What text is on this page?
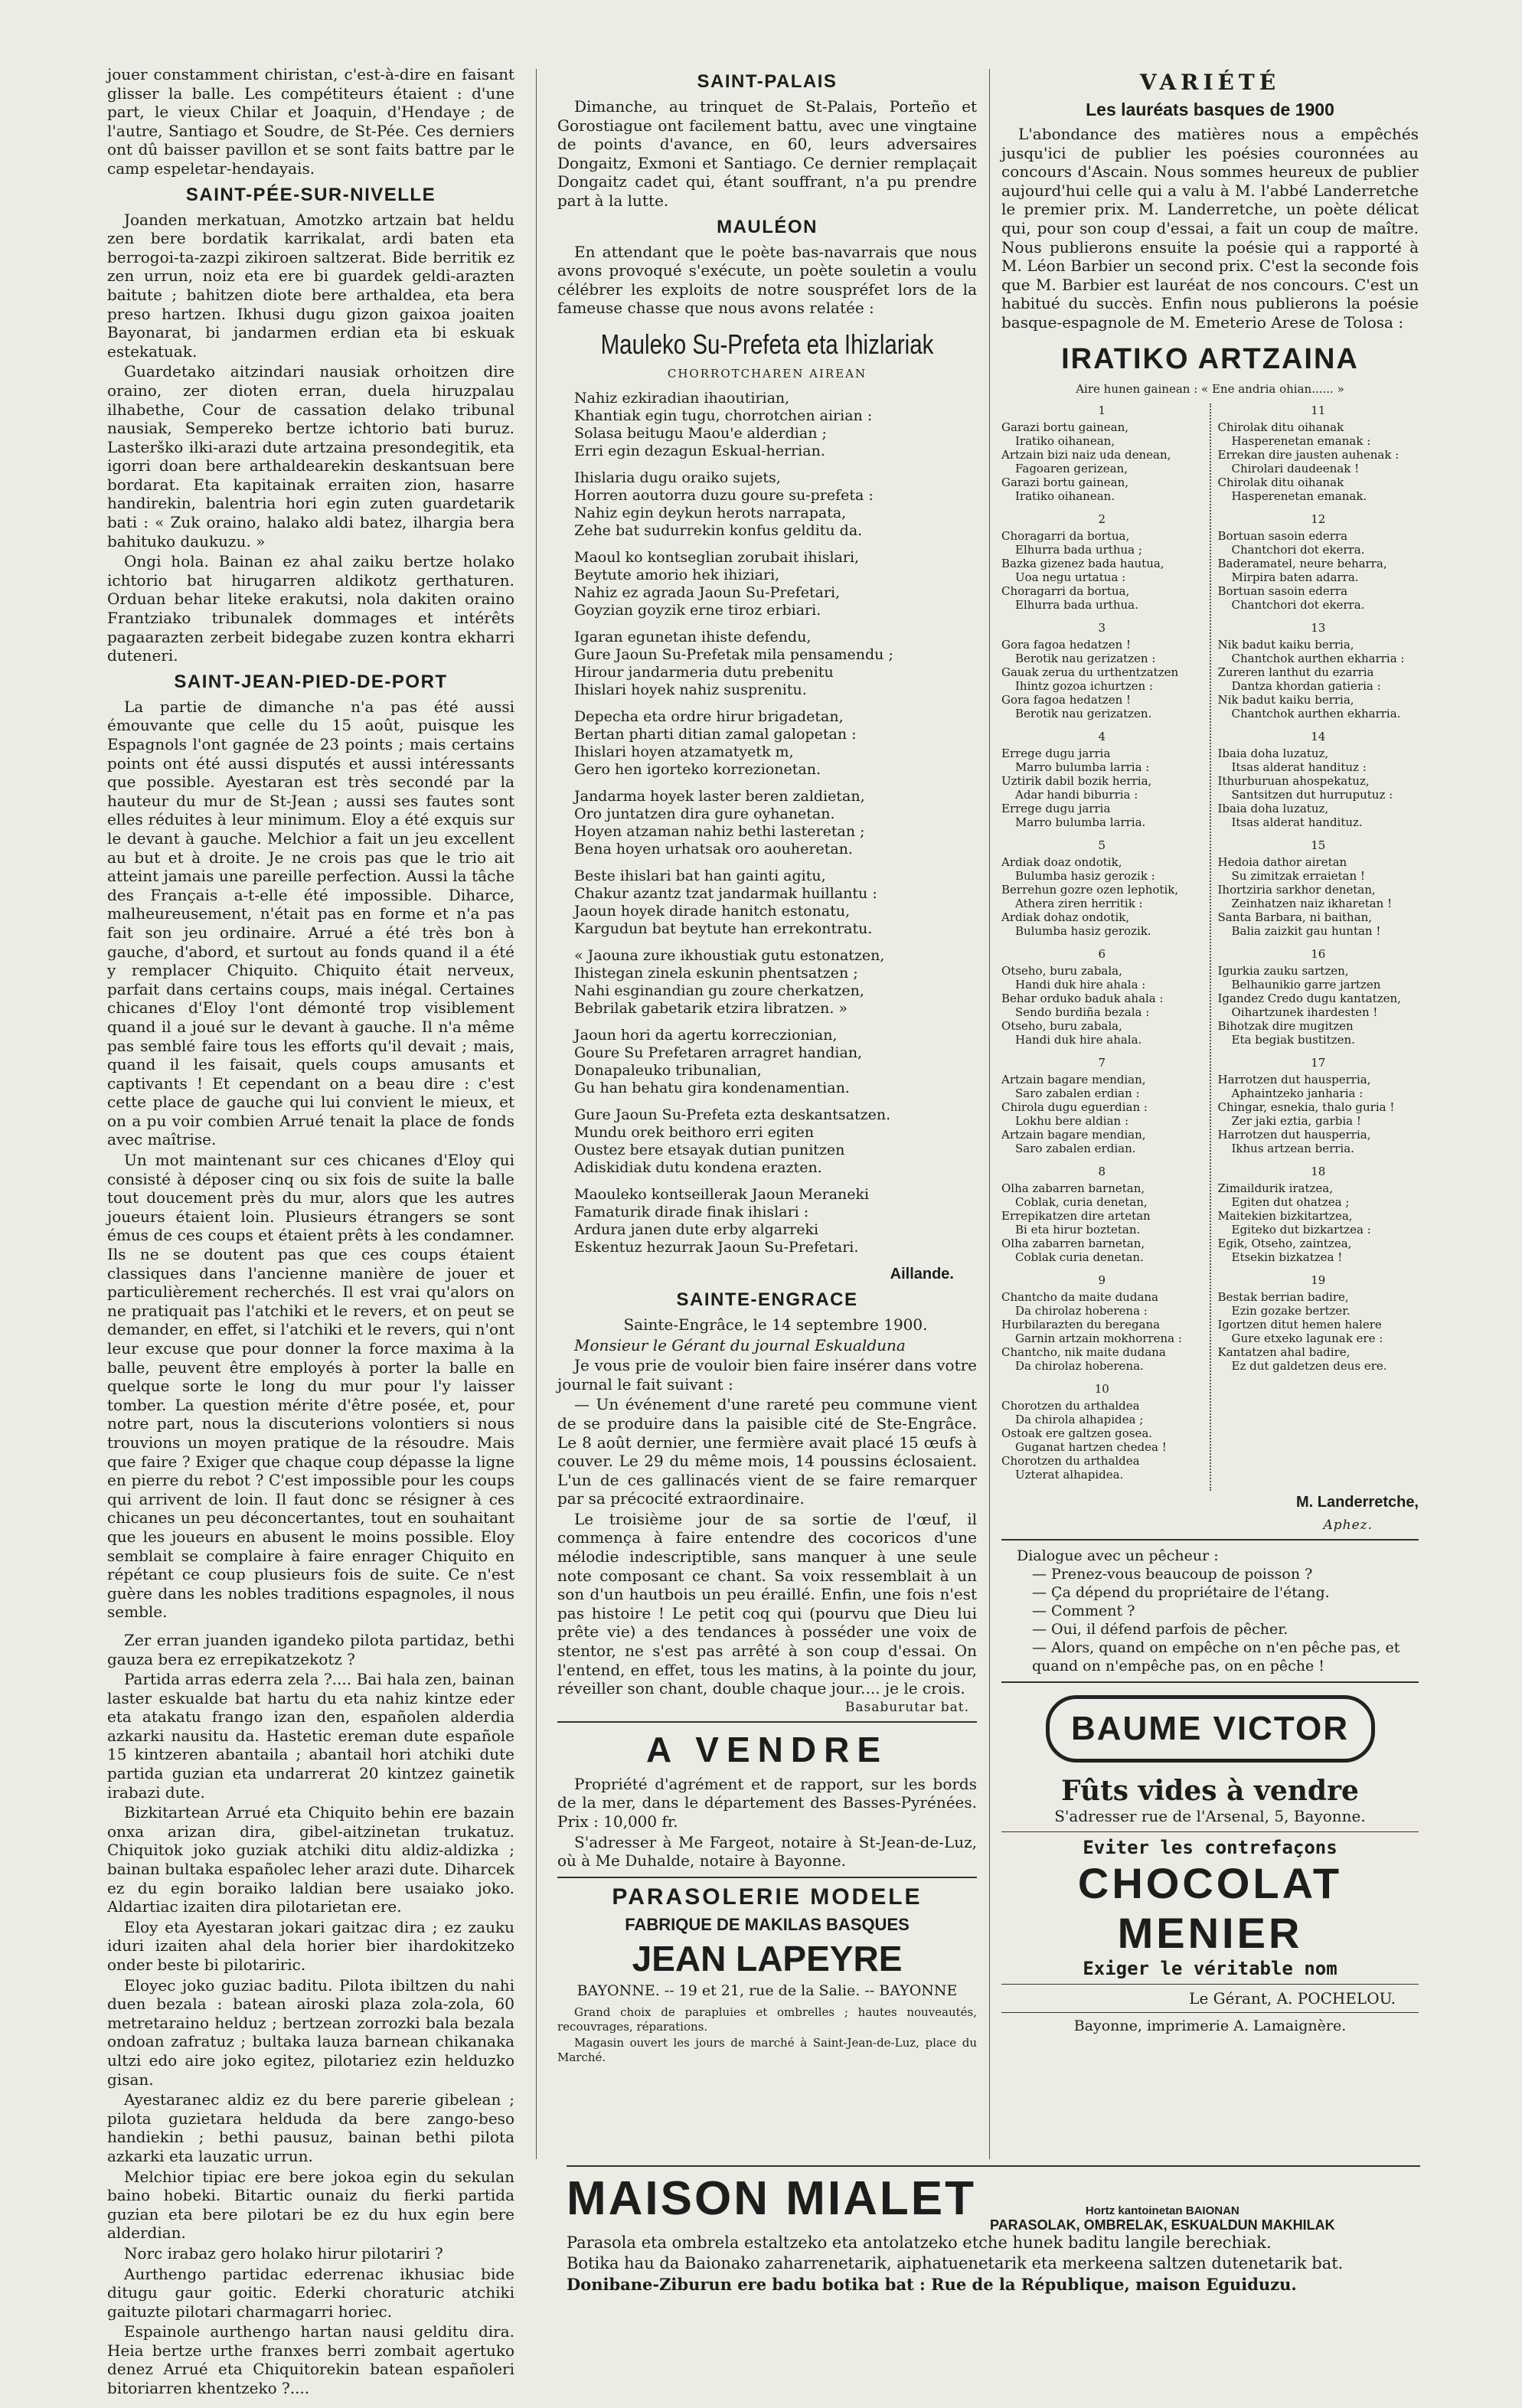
jouer constamment chiristan, c'est-à-dire en faisant glisser la balle. Les compétiteurs étaient : d'une part, le vieux Chilar et Joaquin, d'Hendaye ; de l'autre, Santiago et Soudre, de St-Pée. Ces derniers ont dû baisser pavillon et se sont faits battre par le camp espeletar-hendayais.

SAINT-PÉE-SUR-NIVELLE

Joanden merkatuan, Amotzko artzain bat heldu zen bere bordatik karrikalat, ardi baten eta berrogoi-ta-zazpi zikiroen saltzerat. Bide berritik ez zen urrun, noiz eta ere bi guardek geldi-arazten baitute ; bahitzen diote bere arthaldea, eta bera preso hartzen. Ikhusi dugu gizon gaixoa joaiten Bayonarat, bi jandarmen erdian eta bi eskuak estekatuak.

Guardetako aitzindari nausiak orhoitzen dire oraino, zer dioten erran, duela hiruzpalau ilhabethe, Cour de cassation delako tribunal nausiak, Sempereko bertze ichtorio bati buruz. Lasterško ilki-arazi dute artzaina presondegitik, eta igorri doan bere arthaldearekin deskantsuan bere bordarat. Eta kapitainak erraiten zion, hasarre handirekin, balentria hori egin zuten guardetarik bati : « Zuk oraino, halako aldi batez, ilhargia bera bahituko daukuzu. »

Ongi hola. Bainan ez ahal zaiku bertze holako ichtorio bat hirugarren aldikotz gerthaturen. Orduan behar liteke erakutsi, nola dakiten oraino Frantziako tribunalek dommages et intérêts pagaarazten zerbeit bidegabe zuzen kontra ekharri duteneri.

SAINT-JEAN-PIED-DE-PORT

La partie de dimanche n'a pas été aussi émouvante que celle du 15 août, puisque les Espagnols l'ont gagnée de 23 points ; mais certains points ont été aussi disputés et aussi intéressants que possible. Ayestaran est très secondé par la hauteur du mur de St-Jean ; aussi ses fautes sont elles réduites à leur minimum. Eloy a été exquis sur le devant à gauche. Melchior a fait un jeu excellent au but et à droite. Je ne crois pas que le trio ait atteint jamais une pareille perfection. Aussi la tâche des Français a-t-elle été impossible. Diharce, malheureusement, n'était pas en forme et n'a pas fait son jeu ordinaire. Arrué a été très bon à gauche, d'abord, et surtout au fonds quand il a été y remplacer Chiquito. Chiquito était nerveux, parfait dans certains coups, mais inégal. Certaines chicanes d'Eloy l'ont démonté trop visiblement quand il a joué sur le devant à gauche. Il n'a même pas semblé faire tous les efforts qu'il devait ; mais, quand il les faisait, quels coups amusants et captivants ! Et cependant on a beau dire : c'est cette place de gauche qui lui convient le mieux, et on a pu voir combien Arrué tenait la place de fonds avec maîtrise.

Un mot maintenant sur ces chicanes d'Eloy qui consisté à déposer cinq ou six fois de suite la balle tout doucement près du mur, alors que les autres joueurs étaient loin. Plusieurs étrangers se sont émus de ces coups et étaient prêts à les condamner. Ils ne se doutent pas que ces coups étaient classiques dans l'ancienne manière de jouer et particulièrement recherchés. Il est vrai qu'alors on ne pratiquait pas l'atchiki et le revers, et on peut se demander, en effet, si l'atchiki et le revers, qui n'ont leur excuse que pour donner la force maxima à la balle, peuvent être employés à porter la balle en quelque sorte le long du mur pour l'y laisser tomber. La question mérite d'être posée, et, pour notre part, nous la discuterions volontiers si nous trouvions un moyen pratique de la résoudre. Mais que faire ? Exiger que chaque coup dépasse la ligne en pierre du rebot ? C'est impossible pour les coups qui arrivent de loin. Il faut donc se résigner à ces chicanes un peu déconcertantes, tout en souhaitant que les joueurs en abusent le moins possible. Eloy semblait se complaire à faire enrager Chiquito en répétant ce coup plusieurs fois de suite. Ce n'est guère dans les nobles traditions espagnoles, il nous semble.

Zer erran juanden igandeko pilota partidaz, bethi gauza bera ez errepikatzekotz ?

Partida arras ederra zela ?.... Bai hala zen, bainan laster eskualde bat hartu du eta nahiz kintze eder eta atakatu frango izan den, españolen alderdia azkarki nausitu da. Hastetic ereman dute españole 15 kintzeren abantaila ; abantail hori atchiki dute partida guzian eta undarrerat 20 kintzez gainetik irabazi dute.

Bizkitartean Arrué eta Chiquito behin ere bazain onxa arizan dira, gibel-aitzinetan trukatuz. Chiquitok joko guziak atchiki ditu aldiz-aldizka ; bainan bultaka españolec leher arazi dute. Diharcek ez du egin boraiko laldian bere usaiako joko. Aldartiac izaiten dira pilotarietan ere.

Eloy eta Ayestaran jokari gaitzac dira ; ez zauku iduri izaiten ahal dela horier bier ihardokitzeko onder beste bi pilotariric.

Eloyec joko guziac baditu. Pilota ibiltzen du nahi duen bezala : batean airoski plaza zola-zola, 60 metretaraino helduz ; bertzean zorrozki bala bezala ondoan zafratuz ; bultaka lauza barnean chikanaka ultzi edo aire joko egitez, pilotariez ezin helduzko gisan.

Ayestaranec aldiz ez du bere parerie gibelean ; pilota guzietara helduda da bere zango-beso handiekin ; bethi pausuz, bainan bethi pilota azkarki eta lauzatic urrun.

Melchior tipiac ere bere jokoa egin du sekulan baino hobeki. Bitartic ounaiz du fierki partida guzian eta bere pilotari be ez du hux egin bere alderdian.

Norc irabaz gero holako hirur pilotariri ?

Aurthengo partidac ederrenac ikhusiac bide ditugu gaur goitic. Ederki choraturic atchiki gaituzte pilotari charmagarri horiec.

Espainole aurthengo hartan nausi gelditu dira. Heia bertze urthe franxes berri zombait agertuko denez Arrué eta Chiquitorekin batean españoleri bitoriarren khentzeko ?....

SAINT-PALAIS

Dimanche, au trinquet de St-Palais, Porteño et Gorostiague ont facilement battu, avec une vingtaine de points d'avance, en 60, leurs adversaires Dongaitz, Exmoni et Santiago. Ce dernier remplaçait Dongaitz cadet qui, étant souffrant, n'a pu prendre part à la lutte.

MAULÉON

En attendant que le poète bas-navarrais que nous avons provoqué s'exécute, un poète souletin a voulu célébrer les exploits de notre souspréfet lors de la fameuse chasse que nous avons relatée :

Mauleko Su-Prefeta eta Ihizlariak
CHORROTCHAREN AIREAN
Nahiz ezkiradian ihaoutirian,
Khantiak egin tugu, chorrotchen airian :
Solasa beitugu Maou'e alderdian ;
Erri egin dezagun Eskual-herrian.
Ihislaria dugu oraiko sujets,
Horren aoutorra duzu goure su-prefeta :
Nahiz egin deykun herots narrapata,
Zehe bat sudurrekin konfus gelditu da.
Maoul ko kontseglian zorubait ihislari,
Beytute amorio hek ihiziari,
Nahiz ez agrada Jaoun Su-Prefetari,
Goyzian goyzik erne tiroz erbiari.
Igaran egunetan ihiste defendu,
Gure Jaoun Su-Prefetak mila pensamendu ;
Hirour jandarmeria dutu prebenitu
Ihislari hoyek nahiz susprenitu.
Depecha eta ordre hirur brigadetan,
Bertan pharti ditian zamal galopetan :
Ihislari hoyen atzamatyetk m,
Gero hen igorteko korrezionetan.
Jandarma hoyek laster beren zaldietan,
Oro juntatzen dira gure oyhanetan.
Hoyen atzaman nahiz bethi lasteretan ;
Bena hoyen urhatsak oro aouheretan.
Beste ihislari bat han gainti agitu,
Chakur azantz tzat jandarmak huillantu :
Jaoun hoyek dirade hanitch estonatu,
Kargudun bat beytute han errekontratu.
« Jaouna zure ikhoustiak gutu estonatzen,
Ihistegan zinela eskunin phentsatzen ;
Nahi esginandian gu zoure cherkatzen,
Bebrilak gabetarik etzira libratzen. »
Jaoun hori da agertu korreczionian,
Goure Su Prefetaren arragret handian,
Donapaleuko tribunalian,
Gu han behatu gira kondenamentian.
Gure Jaoun Su-Prefeta ezta deskantsatzen.
Mundu orek beithoro erri egiten
Oustez bere etsayak dutian punitzen
Adiskidiak dutu kondena erazten.
Maouleko kontseillerak Jaoun Meraneki
Famaturik dirade finak ihislari :
Ardura janen dute erby algarreki
Eskentuz hezurrak Jaoun Su-Prefetari.
Aillande.
SAINTE-ENGRACE

Sainte-Engrâce, le 14 septembre 1900.

Monsieur le Gérant du journal Eskualduna

Je vous prie de vouloir bien faire insérer dans votre journal le fait suivant :

— Un événement d'une rareté peu commune vient de se produire dans la paisible cité de Ste-Engrâce. Le 8 août dernier, une fermière avait placé 15 œufs à couver. Le 29 du même mois, 14 poussins éclosaient. L'un de ces gallinacés vient de se faire remarquer par sa précocité extraordinaire.

Le troisième jour de sa sortie de l'œuf, il commença à faire entendre des cocoricos d'une mélodie indescriptible, sans manquer à une seule note composant ce chant. Sa voix ressemblait à un son d'un hautbois un peu éraillé. Enfin, une fois n'est pas histoire ! Le petit coq qui (pourvu que Dieu lui prête vie) a des tendances à posséder une voix de stentor, ne s'est pas arrêté à son coup d'essai. On l'entend, en effet, tous les matins, à la pointe du jour, réveiller son chant, double chaque jour.... je le crois.

Basaburutar bat.
A VENDRE

Propriété d'agrément et de rapport, sur les bords de la mer, dans le département des Basses-Pyrénées. Prix : 10,000 fr.

S'adresser à Me Fargeot, notaire à St-Jean-de-Luz, où à Me Duhalde, notaire à Bayonne.

PARASOLERIE MODELE
FABRIQUE DE MAKILAS BASQUES
JEAN LAPEYRE
BAYONNE. -- 19 et 21, rue de la Salie. -- BAYONNE

Grand choix de parapluies et ombrelles ; hautes nouveautés, recouvrages, réparations.

Magasin ouvert les jours de marché à Saint-Jean-de-Luz, place du Marché.

VARIÉTÉ
Les lauréats basques de 1900

L'abondance des matières nous a empêchés jusqu'ici de publier les poésies couronnées au concours d'Ascain. Nous sommes heureux de publier aujourd'hui celle qui a valu à M. l'abbé Landerretche le premier prix. M. Landerretche, un poète délicat qui, pour son coup d'essai, a fait un coup de maître. Nous publierons ensuite la poésie qui a rapporté à M. Léon Barbier un second prix. C'est la seconde fois que M. Barbier est lauréat de nos concours. C'est un habitué du succès. Enfin nous publierons la poésie basque-espagnole de M. Emeterio Arese de Tolosa :

IRATIKO ARTZAINA
Aire hunen gainean : « Ene andria ohian...... »
1
Garazi bortu gainean,
Iratiko oihanean,
Artzain bizi naiz uda denean,
Fagoaren gerizean,
Garazi bortu gainean,
Iratiko oihanean.
2
Choragarri da bortua,
Elhurra bada urthua ;
Bazka gizenez bada hautua,
Uoa negu urtatua :
Choragarri da bortua,
Elhurra bada urthua.
3
Gora fagoa hedatzen !
Berotik nau gerizatzen :
Gauak zerua du urthentzatzen
Ihintz gozoa ichurtzen :
Gora fagoa hedatzen !
Berotik nau gerizatzen.
4
Errege dugu jarria
Marro bulumba larria :
Uztirik dabil bozik herria,
Adar handi biburria :
Errege dugu jarria
Marro bulumba larria.
5
Ardiak doaz ondotik,
Bulumba hasiz gerozik :
Berrehun gozre ozen lephotik,
Athera ziren herritik :
Ardiak dohaz ondotik,
Bulumba hasiz gerozik.
6
Otseho, buru zabala,
Handi duk hire ahala :
Behar orduko baduk ahala :
Sendo burdiña bezala :
Otseho, buru zabala,
Handi duk hire ahala.
7
Artzain bagare mendian,
Saro zabalen erdian :
Chirola dugu eguerdian :
Lokhu bere aldian :
Artzain bagare mendian,
Saro zabalen erdian.
8
Olha zabarren barnetan,
Coblak, curia denetan,
Errepikatzen dire artetan
Bi eta hirur boztetan.
Olha zabarren barnetan,
Coblak curia denetan.
9
Chantcho da maite dudana
Da chirolaz hoberena :
Hurbilarazten du beregana
Garnin artzain mokhorrena :
Chantcho, nik maite dudana
Da chirolaz hoberena.
10
Chorotzen du arthaldea
Da chirola alhapidea ;
Ostoak ere galtzen gosea.
Guganat hartzen chedea !
Chorotzen du arthaldea
Uzterat alhapidea.
11
Chirolak ditu oihanak
Hasperenetan emanak :
Errekan dire jausten auhenak :
Chirolari daudeenak !
Chirolak ditu oihanak
Hasperenetan emanak.
12
Bortuan sasoin ederra
Chantchori dot ekerra.
Baderamatel, neure beharra,
Mirpira baten adarra.
Bortuan sasoin ederra
Chantchori dot ekerra.
13
Nik badut kaiku berria,
Chantchok aurthen ekharria :
Zureren lanthut du ezarria
Dantza khordan gatieria :
Nik badut kaiku berria,
Chantchok aurthen ekharria.
14
Ibaia doha luzatuz,
Itsas alderat handituz :
Ithurburuan ahospekatuz,
Santsitzen dut hurruputuz :
Ibaia doha luzatuz,
Itsas alderat handituz.
15
Hedoia dathor airetan
Su zimitzak erraietan !
Ihortziria sarkhor denetan,
Zeinhatzen naiz ikharetan !
Santa Barbara, ni baithan,
Balia zaizkit gau huntan !
16
Igurkia zauku sartzen,
Belhaunikio garre jartzen
Igandez Credo dugu kantatzen,
Oihartzunek ihardesten !
Bihotzak dire mugitzen
Eta begiak bustitzen.
17
Harrotzen dut hausperria,
Aphaintzeko janharia :
Chingar, esnekia, thalo guria !
Zer jaki eztia, garbia !
Harrotzen dut hausperria,
Ikhus artzean berria.
18
Zimaildurik iratzea,
Egiten dut ohatzea ;
Maitekien bizkitartzea,
Egiteko dut bizkartzea :
Egik, Otseho, zaintzea,
Etsekin bizkatzea !
19
Bestak berrian badire,
Ezin gozake bertzer.
Igortzen ditut hemen halere
Gure etxeko lagunak ere :
Kantatzen ahal badire,
Ez dut galdetzen deus ere.
M. Landerretche,
Aphez.
Dialogue avec un pêcheur :
— Prenez-vous beaucoup de poisson ?
— Ça dépend du propriétaire de l'étang.
— Comment ?
— Oui, il défend parfois de pêcher.
— Alors, quand on empêche on n'en pêche pas, et
quand on n'empêche pas, on en pêche !
BAUME VICTOR
Fûts vides à vendre
S'adresser rue de l'Arsenal, 5, Bayonne.
Eviter les contrefaçons
CHOCOLAT
MENIER
Exiger le véritable nom
Le Gérant, A. POCHELOU.
Bayonne, imprimerie A. Lamaignère.
MAISON MIALET	Hortz kantoinetan BAIONAN
PARASOLAK, OMBRELAK, ESKUALDUN MAKHILAK

Parasola eta ombrela estaltzeko eta antolatzeko etche hunek baditu langile berechiak.

Botika hau da Baionako zaharrenetarik, aiphatuenetarik eta merkeena saltzen dutenetarik bat.

Donibane-Ziburun ere badu botika bat : Rue de la République, maison Eguiduzu.
